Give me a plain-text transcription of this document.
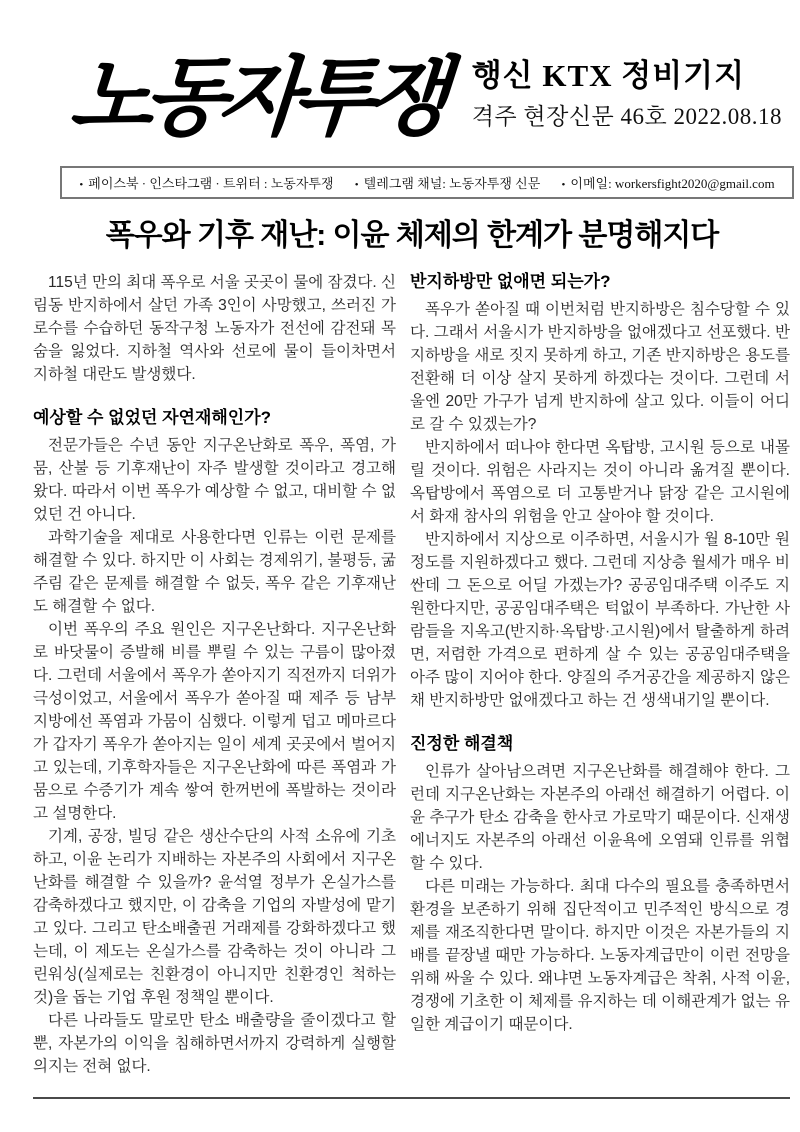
노동자투쟁 행신 KTX 정비기지
격주 현장신문 46호 2022.08.18
• 페이스북 · 인스타그램 · 트위터 : 노동자투쟁 • 텔레그램 채널: 노동자투쟁 신문 • 이메일: workersfight2020@gmail.com
폭우와 기후 재난: 이윤 체제의 한계가 분명해지다

115년 만의 최대 폭우로 서울 곳곳이 물에 잠겼다. 신림동 반지하에서 살던 가족 3인이 사망했고, 쓰러진 가로수를 수습하던 동작구청 노동자가 전선에 감전돼 목숨을 잃었다. 지하철 역사와 선로에 물이 들이차면서 지하철 대란도 발생했다.

예상할 수 없었던 자연재해인가?

전문가들은 수년 동안 지구온난화로 폭우, 폭염, 가뭄, 산불 등 기후재난이 자주 발생할 것이라고 경고해 왔다. 따라서 이번 폭우가 예상할 수 없고, 대비할 수 없었던 건 아니다.

과학기술을 제대로 사용한다면 인류는 이런 문제를 해결할 수 있다. 하지만 이 사회는 경제위기, 불평등, 굶주림 같은 문제를 해결할 수 없듯, 폭우 같은 기후재난도 해결할 수 없다.

이번 폭우의 주요 원인은 지구온난화다. 지구온난화로 바닷물이 증발해 비를 뿌릴 수 있는 구름이 많아졌다. 그런데 서울에서 폭우가 쏟아지기 직전까지 더위가 극성이었고, 서울에서 폭우가 쏟아질 때 제주 등 남부 지방에선 폭염과 가뭄이 심했다. 이렇게 덥고 메마르다가 갑자기 폭우가 쏟아지는 일이 세계 곳곳에서 벌어지고 있는데, 기후학자들은 지구온난화에 따른 폭염과 가뭄으로 수증기가 계속 쌓여 한꺼번에 폭발하는 것이라고 설명한다.

기계, 공장, 빌딩 같은 생산수단의 사적 소유에 기초하고, 이윤 논리가 지배하는 자본주의 사회에서 지구온난화를 해결할 수 있을까? 윤석열 정부가 온실가스를 감축하겠다고 했지만, 이 감축을 기업의 자발성에 맡기고 있다. 그리고 탄소배출권 거래제를 강화하겠다고 했는데, 이 제도는 온실가스를 감축하는 것이 아니라 그린워싱(실제로는 친환경이 아니지만 친환경인 척하는 것)을 돕는 기업 후원 정책일 뿐이다.

다른 나라들도 말로만 탄소 배출량을 줄이겠다고 할 뿐, 자본가의 이익을 침해하면서까지 강력하게 실행할 의지는 전혀 없다.

반지하방만 없애면 되는가?

폭우가 쏟아질 때 이번처럼 반지하방은 침수당할 수 있다. 그래서 서울시가 반지하방을 없애겠다고 선포했다. 반지하방을 새로 짓지 못하게 하고, 기존 반지하방은 용도를 전환해 더 이상 살지 못하게 하겠다는 것이다. 그런데 서울엔 20만 가구가 넘게 반지하에 살고 있다. 이들이 어디로 갈 수 있겠는가?

반지하에서 떠나야 한다면 옥탑방, 고시원 등으로 내몰릴 것이다. 위험은 사라지는 것이 아니라 옮겨질 뿐이다. 옥탑방에서 폭염으로 더 고통받거나 닭장 같은 고시원에서 화재 참사의 위험을 안고 살아야 할 것이다.

반지하에서 지상으로 이주하면, 서울시가 월 8-10만 원 정도를 지원하겠다고 했다. 그런데 지상층 월세가 매우 비싼데 그 돈으로 어딜 가겠는가? 공공임대주택 이주도 지원한다지만, 공공임대주택은 턱없이 부족하다. 가난한 사람들을 지옥고(반지하·옥탑방·고시원)에서 탈출하게 하려면, 저렴한 가격으로 편하게 살 수 있는 공공임대주택을 아주 많이 지어야 한다. 양질의 주거공간을 제공하지 않은 채 반지하방만 없애겠다고 하는 건 생색내기일 뿐이다.

진정한 해결책

인류가 살아남으려면 지구온난화를 해결해야 한다. 그런데 지구온난화는 자본주의 아래선 해결하기 어렵다. 이윤 추구가 탄소 감축을 한사코 가로막기 때문이다. 신재생 에너지도 자본주의 아래선 이윤욕에 오염돼 인류를 위협할 수 있다.

다른 미래는 가능하다. 최대 다수의 필요를 충족하면서 환경을 보존하기 위해 집단적이고 민주적인 방식으로 경제를 재조직한다면 말이다. 하지만 이것은 자본가들의 지배를 끝장낼 때만 가능하다. 노동자계급만이 이런 전망을 위해 싸울 수 있다. 왜냐면 노동자계급은 착취, 사적 이윤, 경쟁에 기초한 이 체제를 유지하는 데 이해관계가 없는 유일한 계급이기 때문이다.
